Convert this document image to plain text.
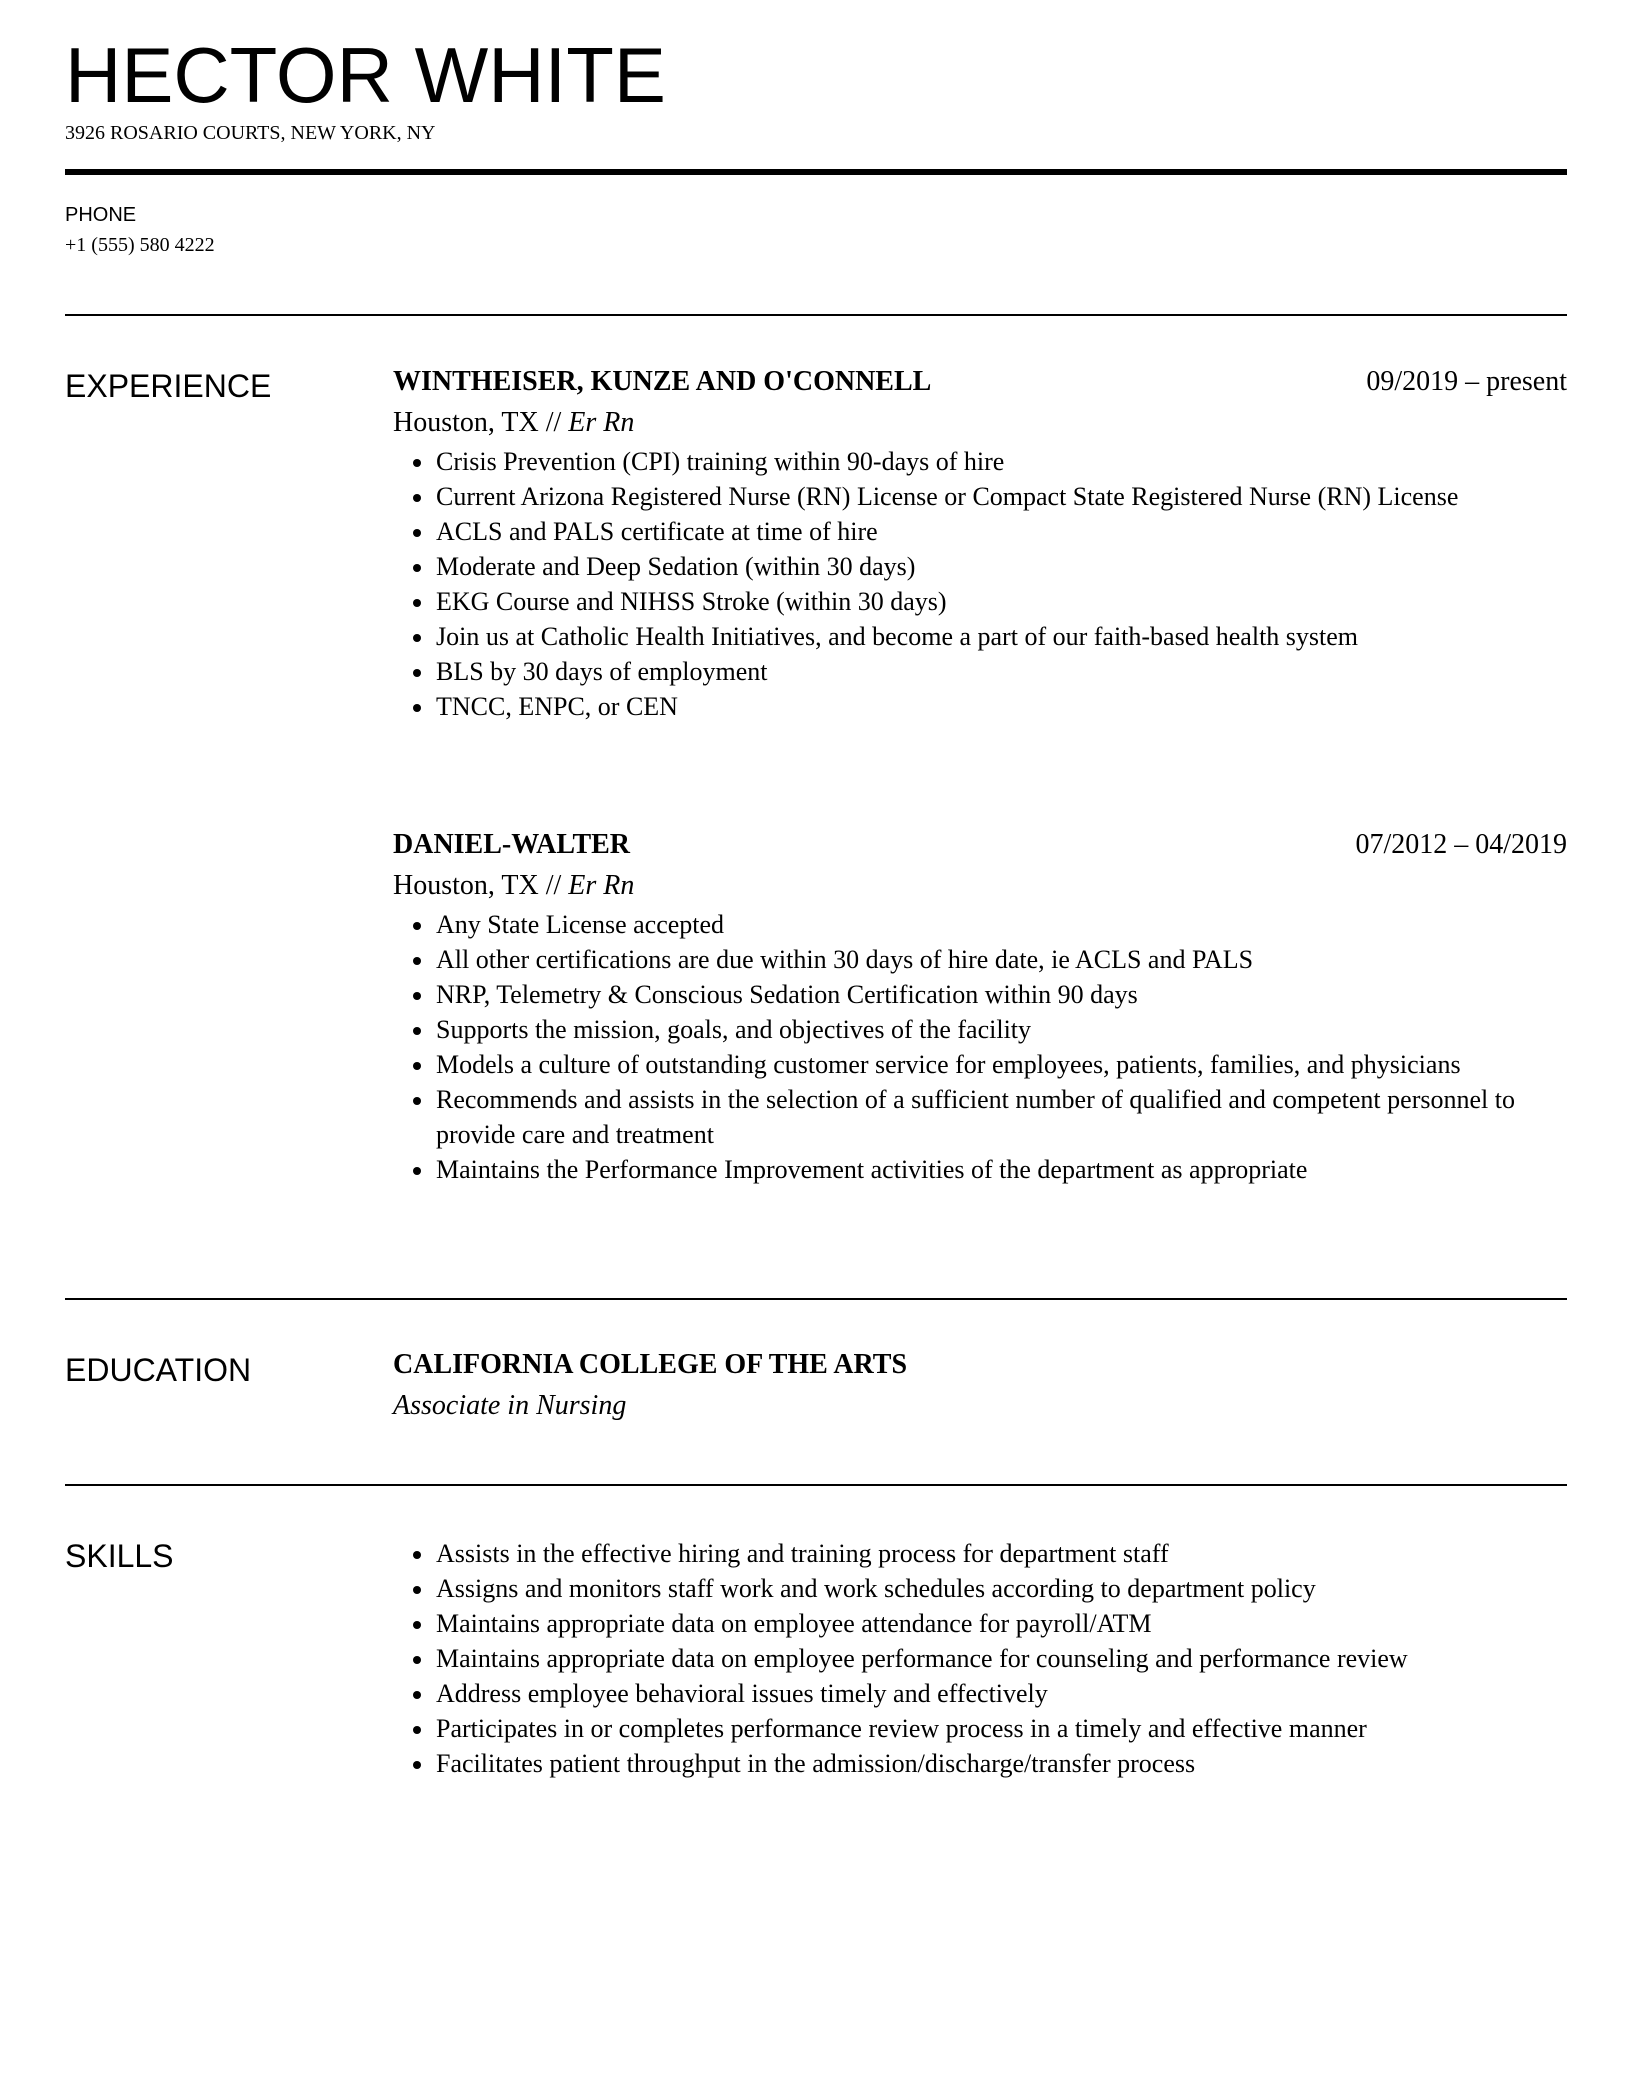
HECTOR WHITE
3926 ROSARIO COURTS, NEW YORK, NY
PHONE
+1 (555) 580 4222
EXPERIENCE	WINTHEISER, KUNZE AND O'CONNELL	09/2019 – present
Houston, TX // Er Rn
Crisis Prevention (CPI) training within 90-days of hire
Current Arizona Registered Nurse (RN) License or Compact State Registered Nurse (RN) License
ACLS and PALS certificate at time of hire
Moderate and Deep Sedation (within 30 days)
EKG Course and NIHSS Stroke (within 30 days)
Join us at Catholic Health Initiatives, and become a part of our faith-based health system
BLS by 30 days of employment
TNCC, ENPC, or CEN
DANIEL-WALTER	07/2012 – 04/2019
Houston, TX // Er Rn
Any State License accepted
All other certifications are due within 30 days of hire date, ie ACLS and PALS
NRP, Telemetry & Conscious Sedation Certification within 90 days
Supports the mission, goals, and objectives of the facility
Models a culture of outstanding customer service for employees, patients, families, and physicians
Recommends and assists in the selection of a sufficient number of qualified and competent personnel to provide care and treatment
Maintains the Performance Improvement activities of the department as appropriate
EDUCATION	CALIFORNIA COLLEGE OF THE ARTS
Associate in Nursing
SKILLS	Assists in the effective hiring and training process for department staff
Assigns and monitors staff work and work schedules according to department policy
Maintains appropriate data on employee attendance for payroll/ATM
Maintains appropriate data on employee performance for counseling and performance review
Address employee behavioral issues timely and effectively
Participates in or completes performance review process in a timely and effective manner
Facilitates patient throughput in the admission/discharge/transfer process
